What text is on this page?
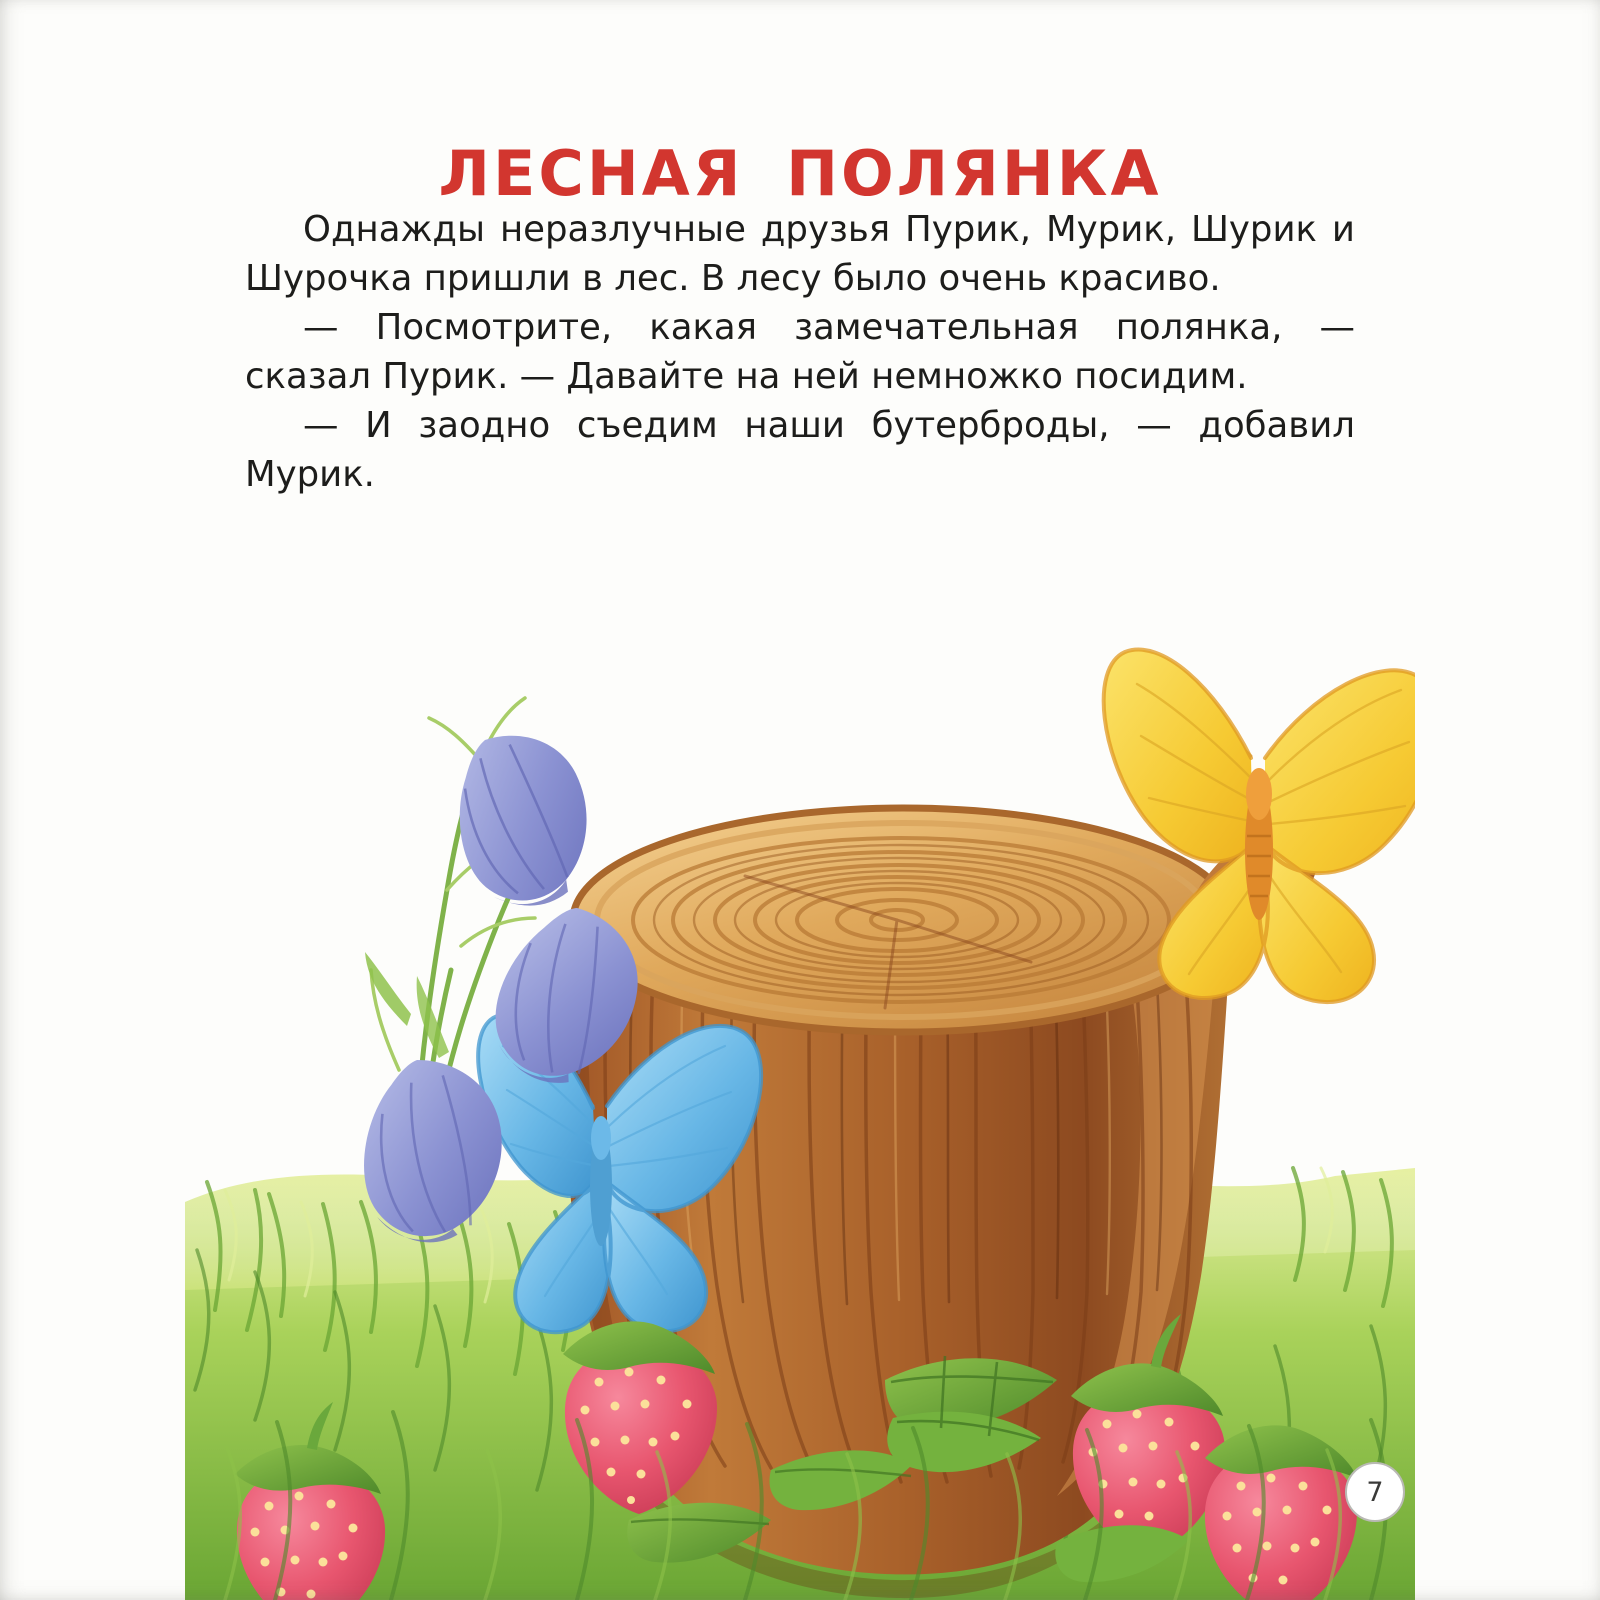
ЛЕСНАЯ ПОЛЯНКА

Однажды неразлучные друзья Пурик, Мурик, Шурик и Шурочка пришли в лес. В лесу было очень красиво.

— Посмотрите, какая замечательная полянка, — сказал Пурик. — Давайте на ней немножко посидим.

— И заодно съедим наши бутерброды, — добавил Мурик.

7
